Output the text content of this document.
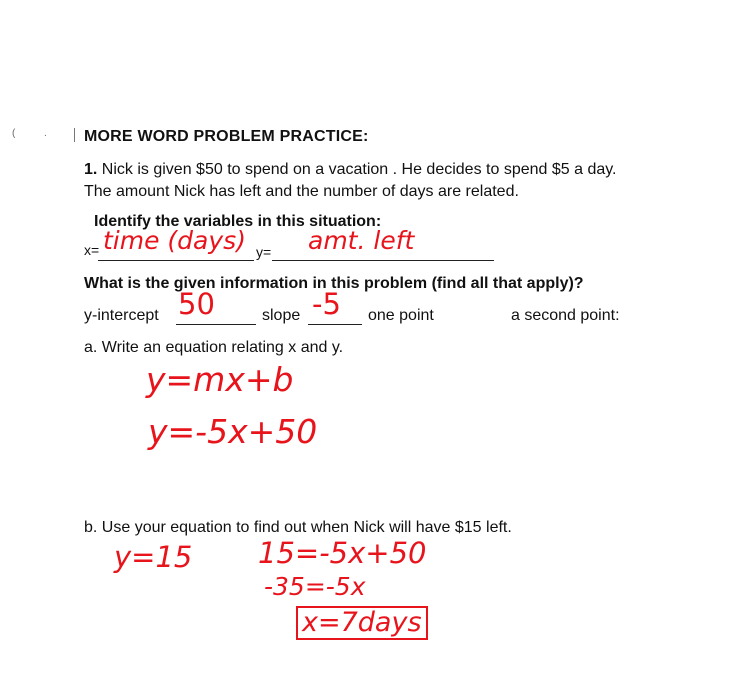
(	. MORE WORD PROBLEM PRACTICE:
1. Nick is given $50 to spend on a vacation . He decides to spend $5 a day.
The amount Nick has left and the number of days are related.
Identify the variables in this situation:
x= time (days) y= amt. left
What is the given information in this problem (find all that apply)?
y-intercept 50	slope -5 one point	a second point:
a. Write an equation relating x and y.
y=mx+b
y=-5x+50
b. Use your equation to find out when Nick will have $15 left.
y=15 15=-5x+50
-35=-5x
x=7days
